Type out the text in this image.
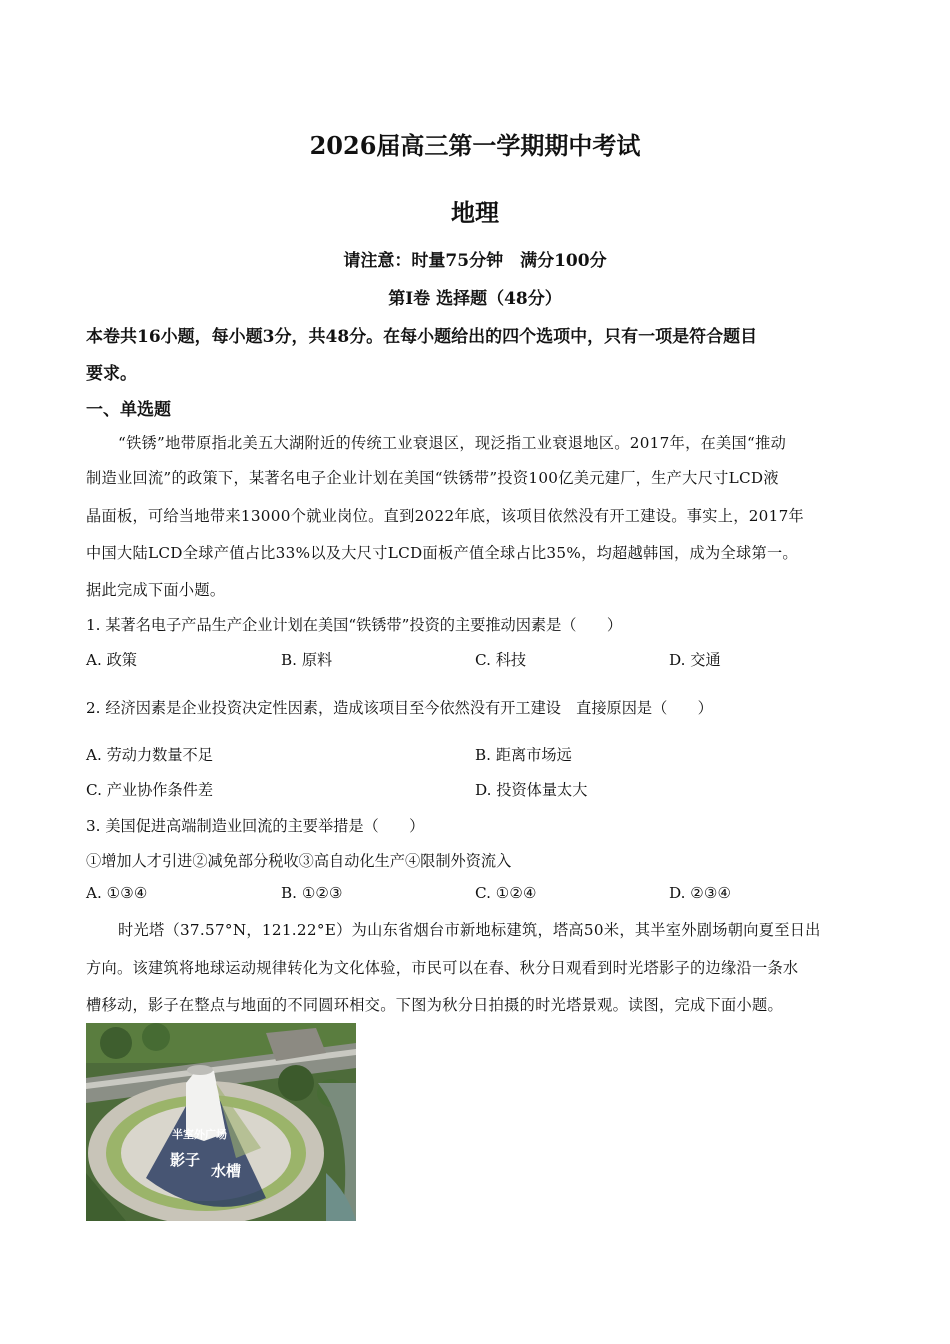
2026届高三第一学期期中考试
地理
请注意：时量75分钟　满分100分
第Ⅰ卷 选择题（48分）
本卷共16小题，每小题3分，共48分。在每小题给出的四个选项中，只有一项是符合题目
要求。
一、单选题
“铁锈”地带原指北美五大湖附近的传统工业衰退区，现泛指工业衰退地区。2017年，在美国“推动
制造业回流”的政策下，某著名电子企业计划在美国“铁锈带”投资100亿美元建厂，生产大尺寸LCD液
晶面板，可给当地带来13000个就业岗位。直到2022年底，该项目依然没有开工建设。事实上，2017年
中国大陆LCD全球产值占比33%以及大尺寸LCD面板产值全球占比35%，均超越韩国，成为全球第一。
据此完成下面小题。
1. 某著名电子产品生产企业计划在美国“铁锈带”投资的主要推动因素是（　　）
A. 政策	B. 原料	C. 科技	D. 交通
2. 经济因素是企业投资决定性因素，造成该项目至今依然没有开工建设　直接原因是（　　）
A. 劳动力数量不足	B. 距离市场远
C. 产业协作条件差	D. 投资体量太大
3. 美国促进高端制造业回流的主要举措是（　　）
①增加人才引进②减免部分税收③高自动化生产④限制外资流入
A. ①③④	B. ①②③	C. ①②④	D. ②③④
时光塔（37.57°N，121.22°E）为山东省烟台市新地标建筑，塔高50米，其半室外剧场朝向夏至日出
方向。该建筑将地球运动规律转化为文化体验，市民可以在春、秋分日观看到时光塔影子的边缘沿一条水
槽移动，影子在整点与地面的不同圆环相交。下图为秋分日拍摄的时光塔景观。读图，完成下面小题。
半室外广场
影子
水槽
